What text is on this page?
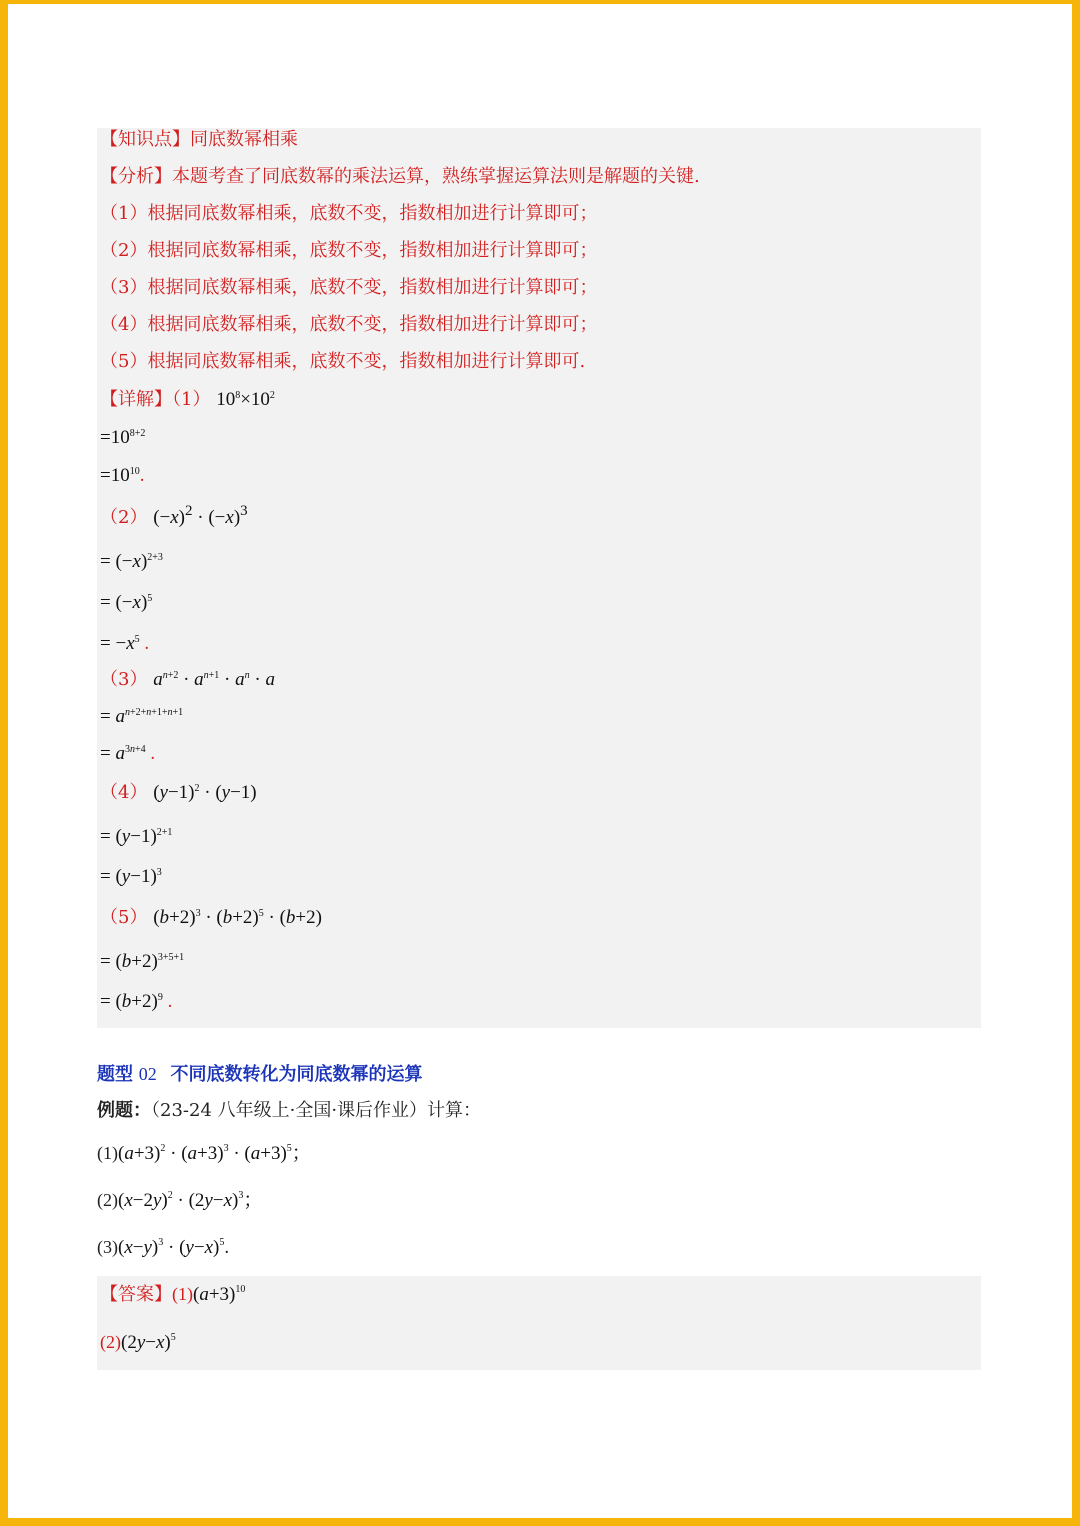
【知识点】同底数幂相乘
【分析】本题考查了同底数幂的乘法运算，熟练掌握运算法则是解题的关键.
（1）根据同底数幂相乘，底数不变，指数相加进行计算即可；
（2）根据同底数幂相乘，底数不变，指数相加进行计算即可；
（3）根据同底数幂相乘，底数不变，指数相加进行计算即可；
（4）根据同底数幂相乘，底数不变，指数相加进行计算即可；
（5）根据同底数幂相乘，底数不变，指数相加进行计算即可.
【详解】（1） $10^8\times 10^2$
$=10^{8+2}$
$=10^{10}$.
（2） $(-x)^2 \cdot (-x)^3$
= $(-x)^{2+3}$
= $(-x)^5$
= $-x^5$ .
（3） $a^{n+2} \cdot a^{n+1} \cdot a^n \cdot a$
= $a^{n+2+n+1+n+1}$
= $a^{3n+4}$ .
（4） $(y-1)^2 \cdot (y-1)$
= $(y-1)^{2+1}$
= $(y-1)^3$
（5） $(b+2)^3 \cdot (b+2)^5 \cdot (b+2)$
= $(b+2)^{3+5+1}$
= $(b+2)^9$ .
题型 02 不同底数转化为同底数幂的运算
例题：（23-24 八年级上·全国·课后作业）计算：
$(1)(a+3)^2 \cdot (a+3)^3 \cdot (a+3)^5$；
$(2)(x-2y)^2 \cdot (2y-x)^3$；
$(3)(x-y)^3 \cdot (y-x)^5$.
【答案】$(1)(a+3)^{10}$
$(2)(2y-x)^5$
